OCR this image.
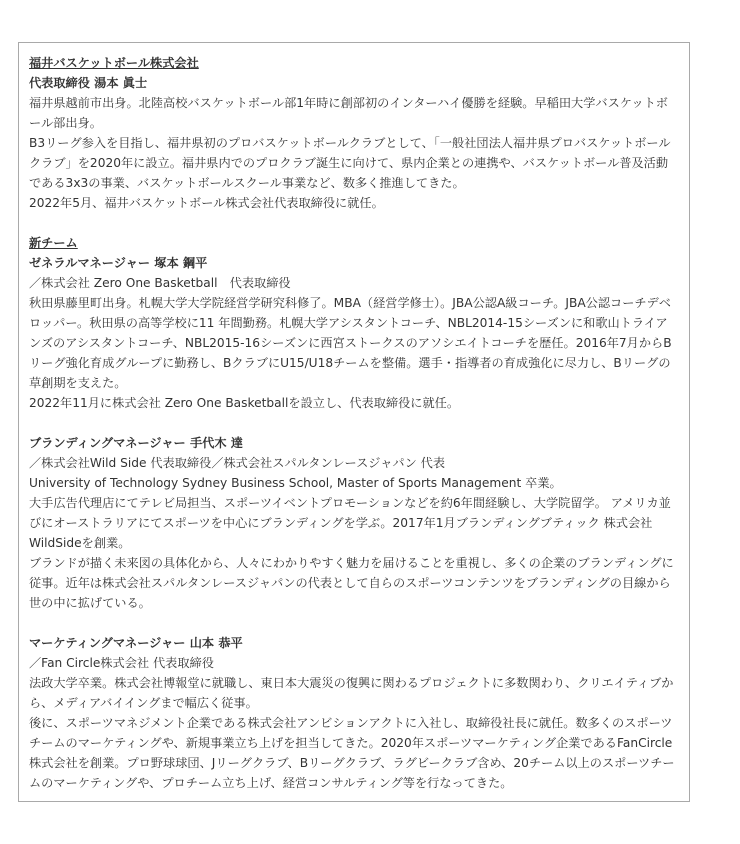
福井バスケットボール株式会社
代表取締役 湯本 眞士
福井県越前市出身。北陸高校バスケットボール部1年時に創部初のインターハイ優勝を経験。早稲田大学バスケットボール部出身。
B3リーグ参入を目指し、福井県初のプロバスケットボールクラブとして、「一般社団法人福井県プロバスケットボールクラブ」を2020年に設立。福井県内でのプロクラブ誕生に向けて、県内企業との連携や、バスケットボール普及活動である3x3の事業、バスケットボールスクール事業など、数多く推進してきた。
2022年5月、福井バスケットボール株式会社代表取締役に就任。
新チーム
ゼネラルマネージャー 塚本 鋼平
／株式会社 Zero One Basketball　代表取締役
秋田県藤里町出身。札幌大学大学院経営学研究科修了。MBA（経営学修士）。JBA公認A級コーチ。JBA公認コーチデベロッパー。秋田県の高等学校に11 年間勤務。札幌大学アシスタントコーチ、NBL2014-15シーズンに和歌山トライアンズのアシスタントコーチ、NBL2015-16シーズンに西宮ストークスのアソシエイトコーチを歴任。2016年7月からBリーグ強化育成グループに勤務し、BクラブにU15/U18チームを整備。選手・指導者の育成強化に尽力し、Bリーグの草創期を支えた。
2022年11月に株式会社 Zero One Basketballを設立し、代表取締役に就任。
ブランディングマネージャー 手代木 達
／株式会社Wild Side 代表取締役／株式会社スパルタンレースジャパン 代表
University of Technology Sydney Business School, Master of Sports Management 卒業。
大手広告代理店にてテレビ局担当、スポーツイベントプロモーションなどを約6年間経験し、大学院留学。 アメリカ並びにオーストラリアにてスポーツを中心にブランディングを学ぶ。2017年1月ブランディングブティック 株式会社WildSideを創業。
ブランドが描く未来図の具体化から、人々にわかりやすく魅力を届けることを重視し、多くの企業のブランディングに従事。近年は株式会社スパルタンレースジャパンの代表として自らのスポーツコンテンツをブランディングの目線から世の中に拡げている。
マーケティングマネージャー 山本 恭平
／Fan Circle株式会社 代表取締役
法政大学卒業。株式会社博報堂に就職し、東日本大震災の復興に関わるプロジェクトに多数関わり、クリエイティブから、メディアバイイングまで幅広く従事。
後に、スポーツマネジメント企業である株式会社アンビションアクトに入社し、取締役社長に就任。数多くのスポーツチームのマーケティングや、新規事業立ち上げを担当してきた。2020年スポーツマーケティング企業であるFanCircle株式会社を創業。プロ野球球団、Jリーグクラブ、Bリーグクラブ、ラグビークラブ含め、20チーム以上のスポーツチームのマーケティングや、プロチーム立ち上げ、経営コンサルティング等を行なってきた。
